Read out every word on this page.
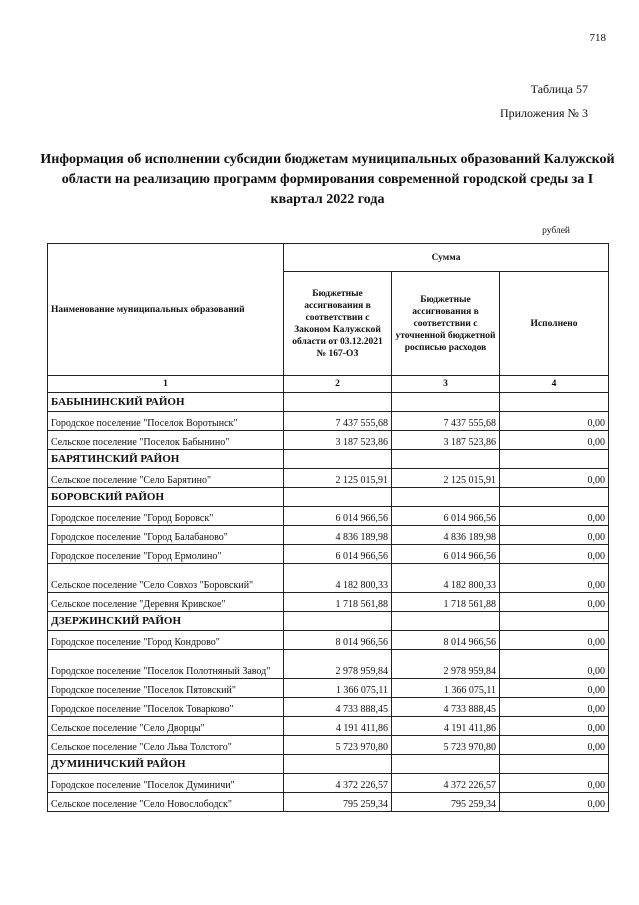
718
Таблица 57
Приложения № 3
Информация об исполнении субсидии бюджетам муниципальных образований Калужской области на реализацию программ формирования современной городской среды за I квартал 2022 года
рублей
Наименование муниципальных образований	Сумма		
	Бюджетные ассигнования в соответствии с Законом Калужской области от 03.12.2021 № 167-ОЗ	Бюджетные ассигнования в соответствии с уточненной бюджетной росписью расходов	Исполнено
1	2	3	4
БАБЫНИНСКИЙ РАЙОН			
Городское поселение "Поселок Воротынск"	7 437 555,68	7 437 555,68	0,00
Сельское поселение "Поселок Бабынино"	3 187 523,86	3 187 523,86	0,00
БАРЯТИНСКИЙ РАЙОН			
Сельское поселение "Село Барятино"	2 125 015,91	2 125 015,91	0,00
БОРОВСКИЙ РАЙОН			
Городское поселение "Город Боровск"	6 014 966,56	6 014 966,56	0,00
Городское поселение "Город Балабаново"	4 836 189,98	4 836 189,98	0,00
Городское поселение "Город Ермолино"	6 014 966,56	6 014 966,56	0,00
Сельское поселение "Село Совхоз "Боровский"	4 182 800,33	4 182 800,33	0,00
Сельское поселение "Деревня Кривское"	1 718 561,88	1 718 561,88	0,00
ДЗЕРЖИНСКИЙ РАЙОН			
Городское поселение "Город Кондрово"	8 014 966,56	8 014 966,56	0,00
Городское поселение "Поселок Полотняный Завод"	2 978 959,84	2 978 959,84	0,00
Городское поселение "Поселок Пятовский"	1 366 075,11	1 366 075,11	0,00
Городское поселение "Поселок Товарково"	4 733 888,45	4 733 888,45	0,00
Сельское поселение "Село Дворцы"	4 191 411,86	4 191 411,86	0,00
Сельское поселение "Село Льва Толстого"	5 723 970,80	5 723 970,80	0,00
ДУМИНИЧСКИЙ РАЙОН			
Городское поселение "Поселок Думиничи"	4 372 226,57	4 372 226,57	0,00
Сельское поселение "Село Новослободск"	795 259,34	795 259,34	0,00
